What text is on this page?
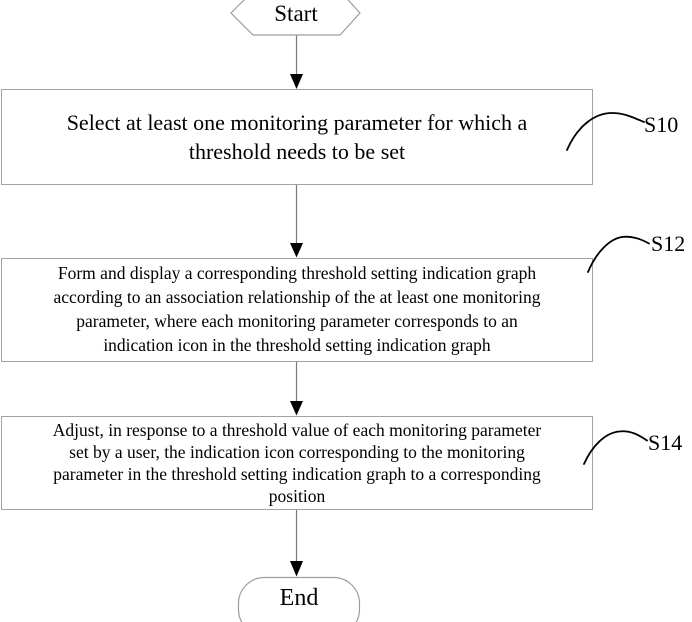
Start
Select at least one monitoring parameter for which a
threshold needs to be set
Form and display a corresponding threshold setting indication graph
according to an association relationship of the at least one monitoring
parameter, where each monitoring parameter corresponds to an
indication icon in the threshold setting indication graph
Adjust, in response to a threshold value of each monitoring parameter
set by a user, the indication icon corresponding to the monitoring
parameter in the threshold setting indication graph to a corresponding
position
S10
S12
S14
End
